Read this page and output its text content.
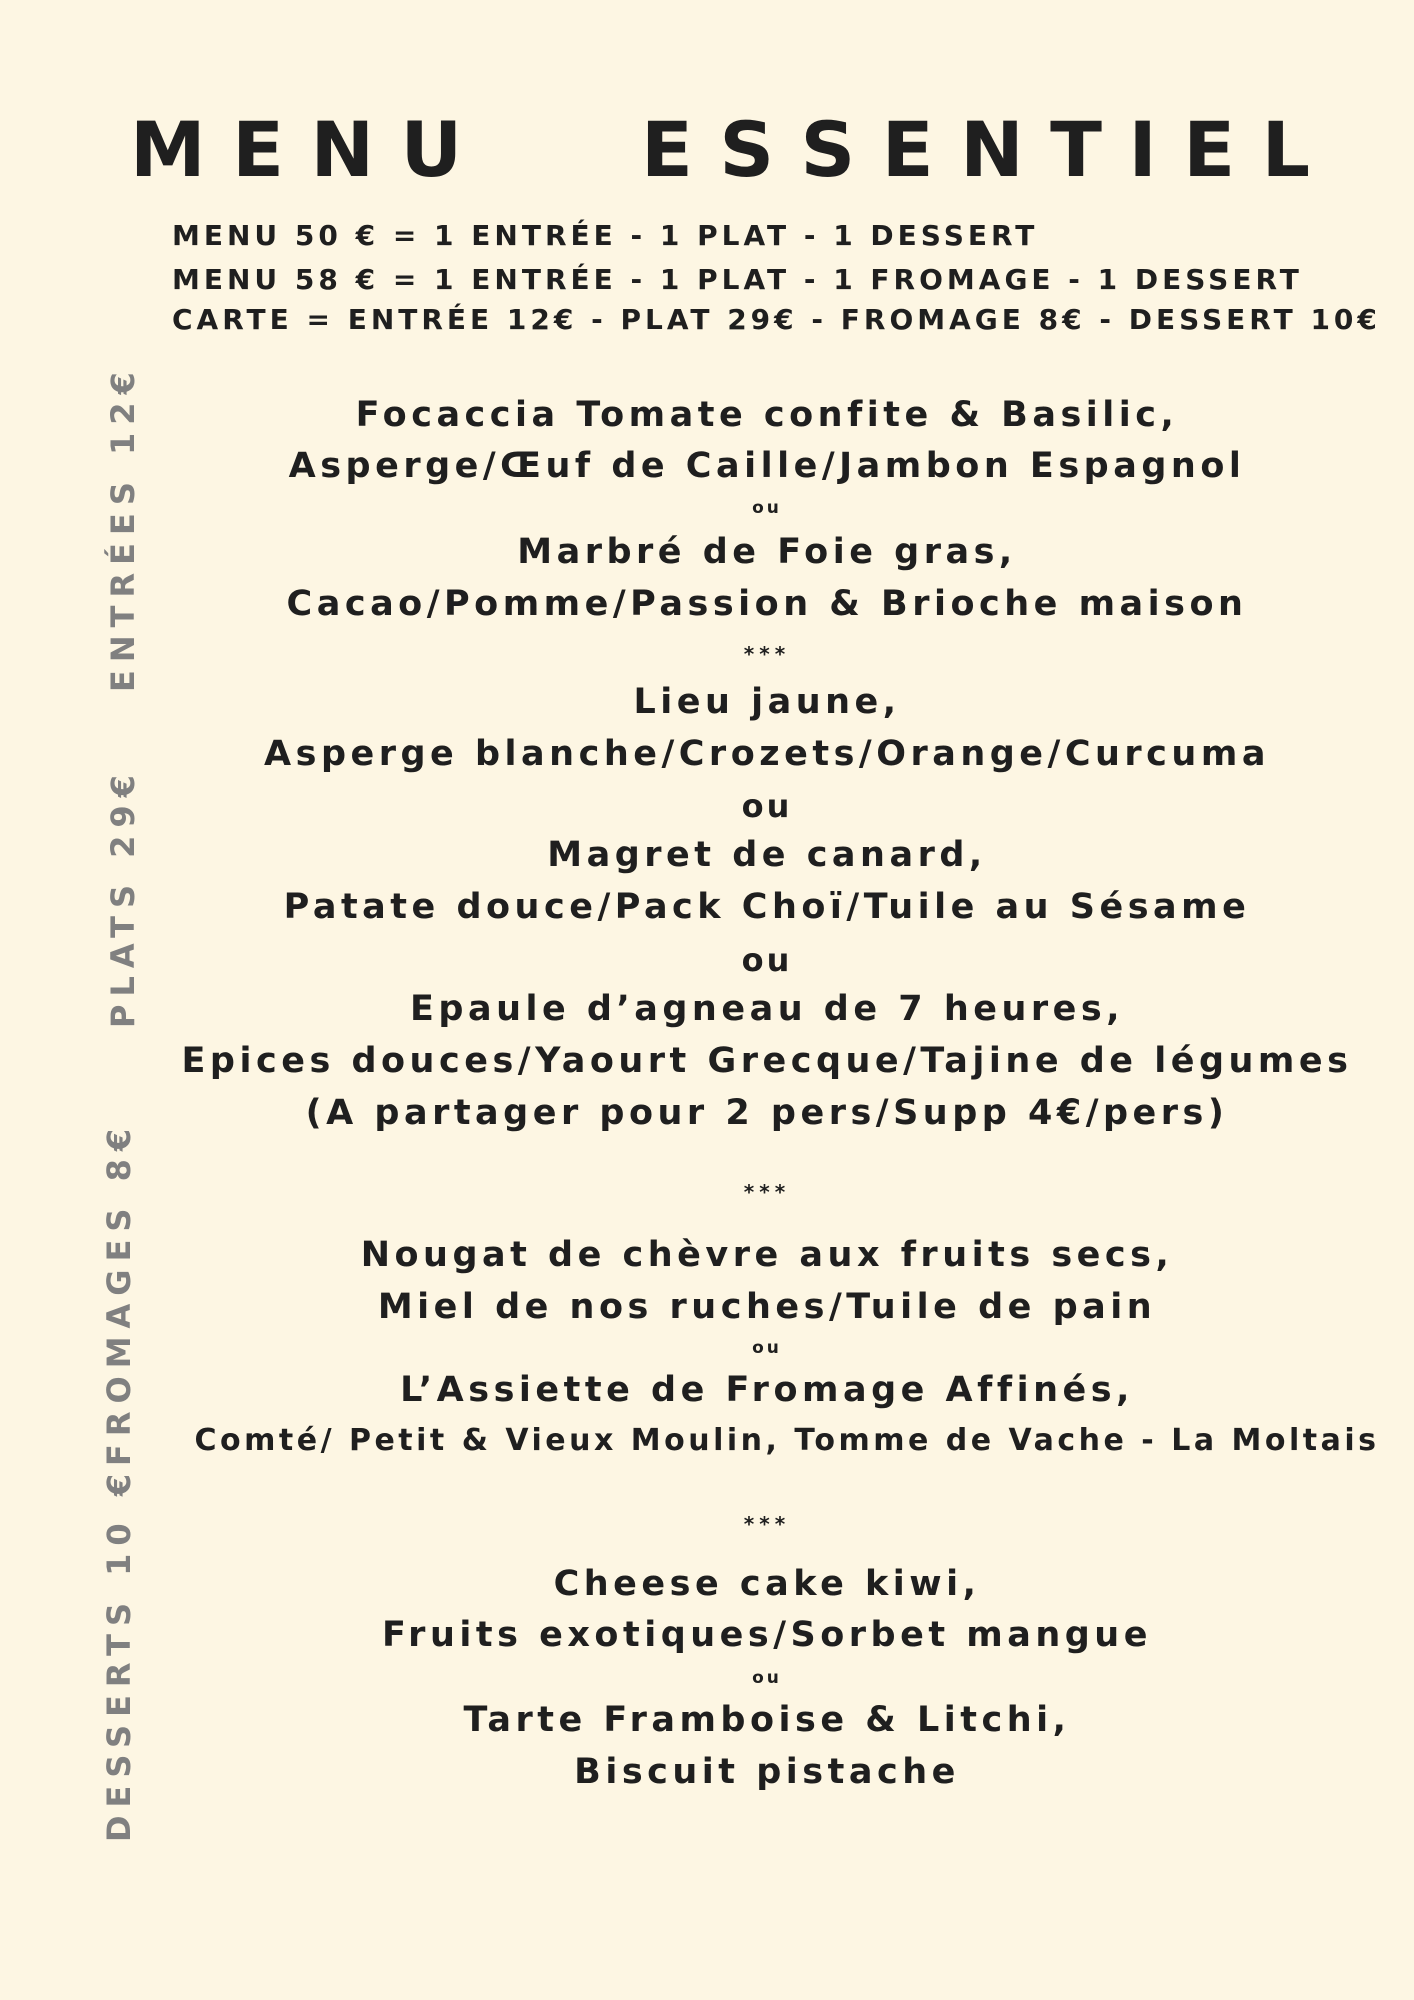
M E N U E S S E N T I E L
MENU 50 € = 1 ENTRÉE - 1 PLAT - 1 DESSERT
MENU 58 € = 1 ENTRÉE - 1 PLAT - 1 FROMAGE - 1 DESSERT
CARTE = ENTRÉE 12€ - PLAT 29€ - FROMAGE 8€ - DESSERT 10€
ENTRÉES 12€
PLATS 29€
FROMAGES 8€
DESSERTS 10 €
Focaccia Tomate confite & Basilic,
Asperge/Œuf de Caille/Jambon Espagnol
ou
Marbré de Foie gras,
Cacao/Pomme/Passion & Brioche maison
***
Lieu jaune,
Asperge blanche/Crozets/Orange/Curcuma
ou
Magret de canard,
Patate douce/Pack Choï/Tuile au Sésame
ou
Epaule d’agneau de 7 heures,
Epices douces/Yaourt Grecque/Tajine de légumes
(A partager pour 2 pers/Supp 4€/pers)
***
Nougat de chèvre aux fruits secs,
Miel de nos ruches/Tuile de pain
ou
L’Assiette de Fromage Affinés,
Comté/ Petit & Vieux Moulin, Tomme de Vache - La Moltais
***
Cheese cake kiwi,
Fruits exotiques/Sorbet mangue
ou
Tarte Framboise & Litchi,
Biscuit pistache
